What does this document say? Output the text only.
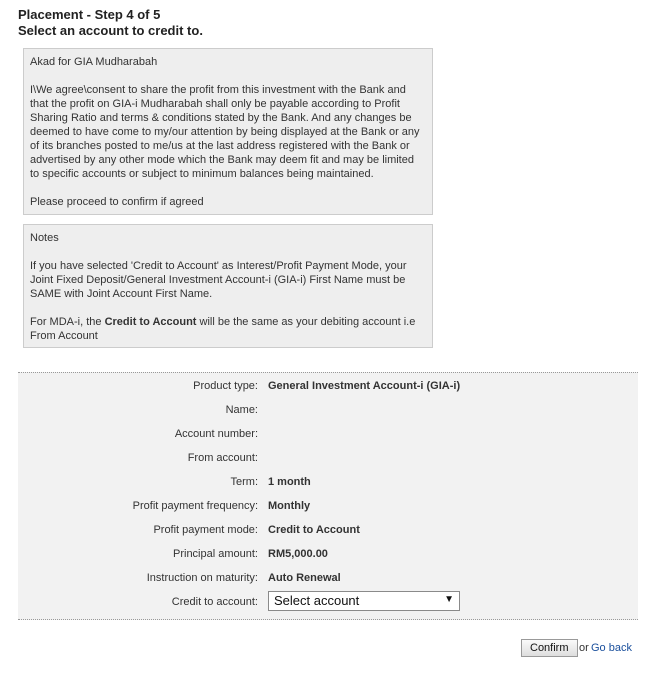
Placement - Step 4 of 5
Select an account to credit to.

Akad for GIA Mudharabah

I\We agree\consent to share the profit from this investment with the Bank and that the profit on GIA-i Mudharabah shall only be payable according to Profit Sharing Ratio and terms & conditions stated by the Bank. And any changes be deemed to have come to my/our attention by being displayed at the Bank or any of its branches posted to me/us at the last address registered with the Bank or advertised by any other mode which the Bank may deem fit and may be limited to specific accounts or subject to minimum balances being maintained.

Please proceed to confirm if agreed

Notes

If you have selected 'Credit to Account' as Interest/Profit Payment Mode, your Joint Fixed Deposit/General Investment Account-i (GIA-i) First Name must be SAME with Joint Account First Name.

For MDA-i, the Credit to Account will be the same as your debiting account i.e From Account

Product type: General Investment Account-i (GIA-i)
Name:
Account number:
From account:
Term: 1 month
Profit payment frequency: Monthly
Profit payment mode: Credit to Account
Principal amount: RM5,000.00
Instruction on maturity: Auto Renewal
Credit to account: Select account	▼
Confirm or Go back
